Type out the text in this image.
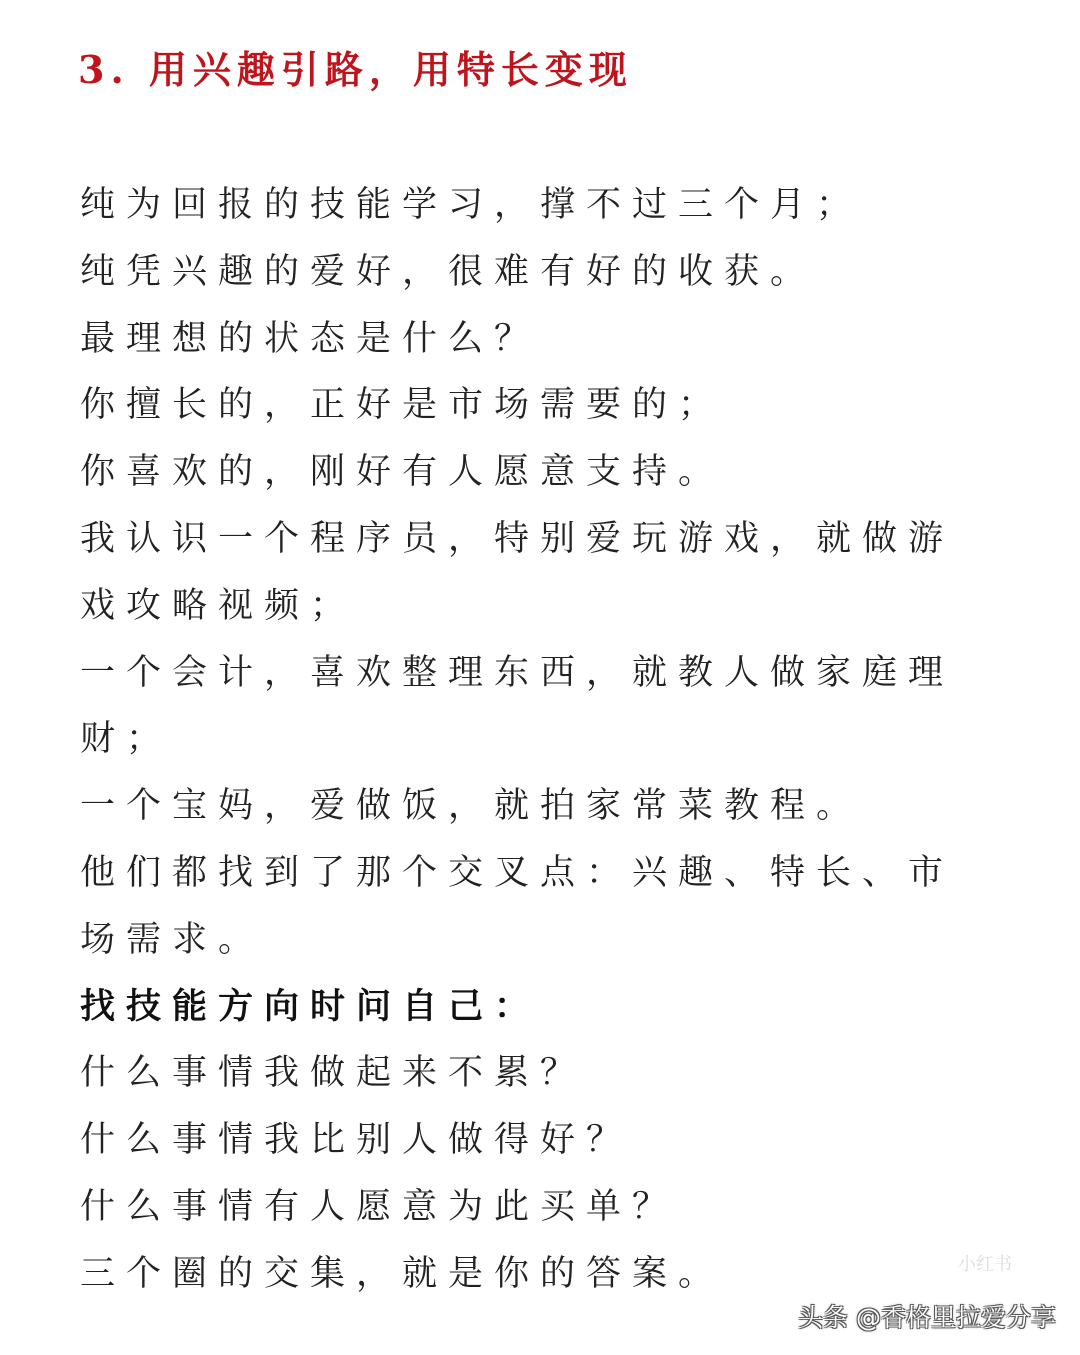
3. 用兴趣引路，用特长变现
纯为回报的技能学习，撑不过三个月；
纯凭兴趣的爱好，很难有好的收获。
最理想的状态是什么？
你擅长的，正好是市场需要的；
你喜欢的，刚好有人愿意支持。
我认识一个程序员，特别爱玩游戏，就做游
戏攻略视频；
一个会计，喜欢整理东西，就教人做家庭理
财；
一个宝妈，爱做饭，就拍家常菜教程。
他们都找到了那个交叉点：兴趣、特长、市
场需求。
找技能方向时问自己：
什么事情我做起来不累？
什么事情我比别人做得好？
什么事情有人愿意为此买单？
三个圈的交集，就是你的答案。	小红书
头条 @香格里拉爱分享
